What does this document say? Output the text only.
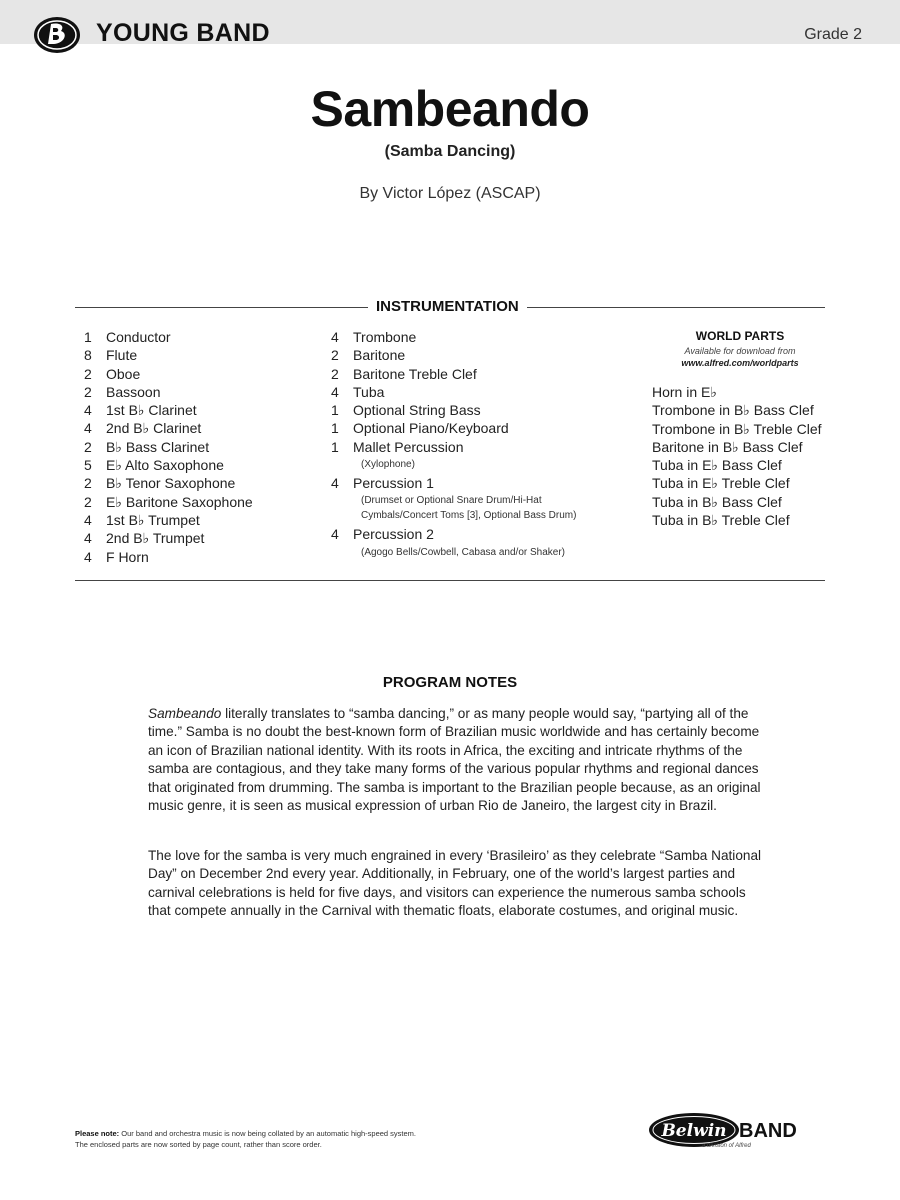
YOUNG BAND	Grade 2
Sambeando
(Samba Dancing)
By Victor López (ASCAP)
INSTRUMENTATION
1 Conductor
8 Flute
2 Oboe
2 Bassoon
4 1st B♭ Clarinet
4 2nd B♭ Clarinet
2 B♭ Bass Clarinet
5 E♭ Alto Saxophone
2 B♭ Tenor Saxophone
2 E♭ Baritone Saxophone
4 1st B♭ Trumpet
4 2nd B♭ Trumpet
4 F Horn
4 Trombone
2 Baritone
2 Baritone Treble Clef
4 Tuba
1 Optional String Bass
1 Optional Piano/Keyboard
1 Mallet Percussion
(Xylophone)
4 Percussion 1
(Drumset or Optional Snare Drum/Hi-Hat Cymbals/Concert Toms [3], Optional Bass Drum)
4 Percussion 2
(Agogo Bells/Cowbell, Cabasa and/or Shaker)
WORLD PARTS
Available for download from
www.alfred.com/worldparts
Horn in E♭
Trombone in B♭ Bass Clef
Trombone in B♭ Treble Clef
Baritone in B♭ Bass Clef
Tuba in E♭ Bass Clef
Tuba in E♭ Treble Clef
Tuba in B♭ Bass Clef
Tuba in B♭ Treble Clef
PROGRAM NOTES

Sambeando literally translates to “samba dancing,” or as many people would say, “partying all of the time.” Samba is no doubt the best-known form of Brazilian music worldwide and has certainly become an icon of Brazilian national identity. With its roots in Africa, the exciting and intricate rhythms of the samba are contagious, and they take many forms of the various popular rhythms and regional dances that originated from drumming. The samba is important to the Brazilian people because, as an original music genre, it is seen as musical expression of urban Rio de Janeiro, the largest city in Brazil.

The love for the samba is very much engrained in every ‘Brasileiro’ as they celebrate “Samba National Day” on December 2nd every year. Additionally, in February, one of the world’s largest parties and carnival celebrations is held for five days, and visitors can experience the numerous samba schools that compete annually in the Carnival with thematic floats, elaborate costumes, and original music.

Please note: Our band and orchestra music is now being collated by an automatic high-speed system.
The enclosed parts are now sorted by page count, rather than score order.
Belwin BAND
a division of Alfred
